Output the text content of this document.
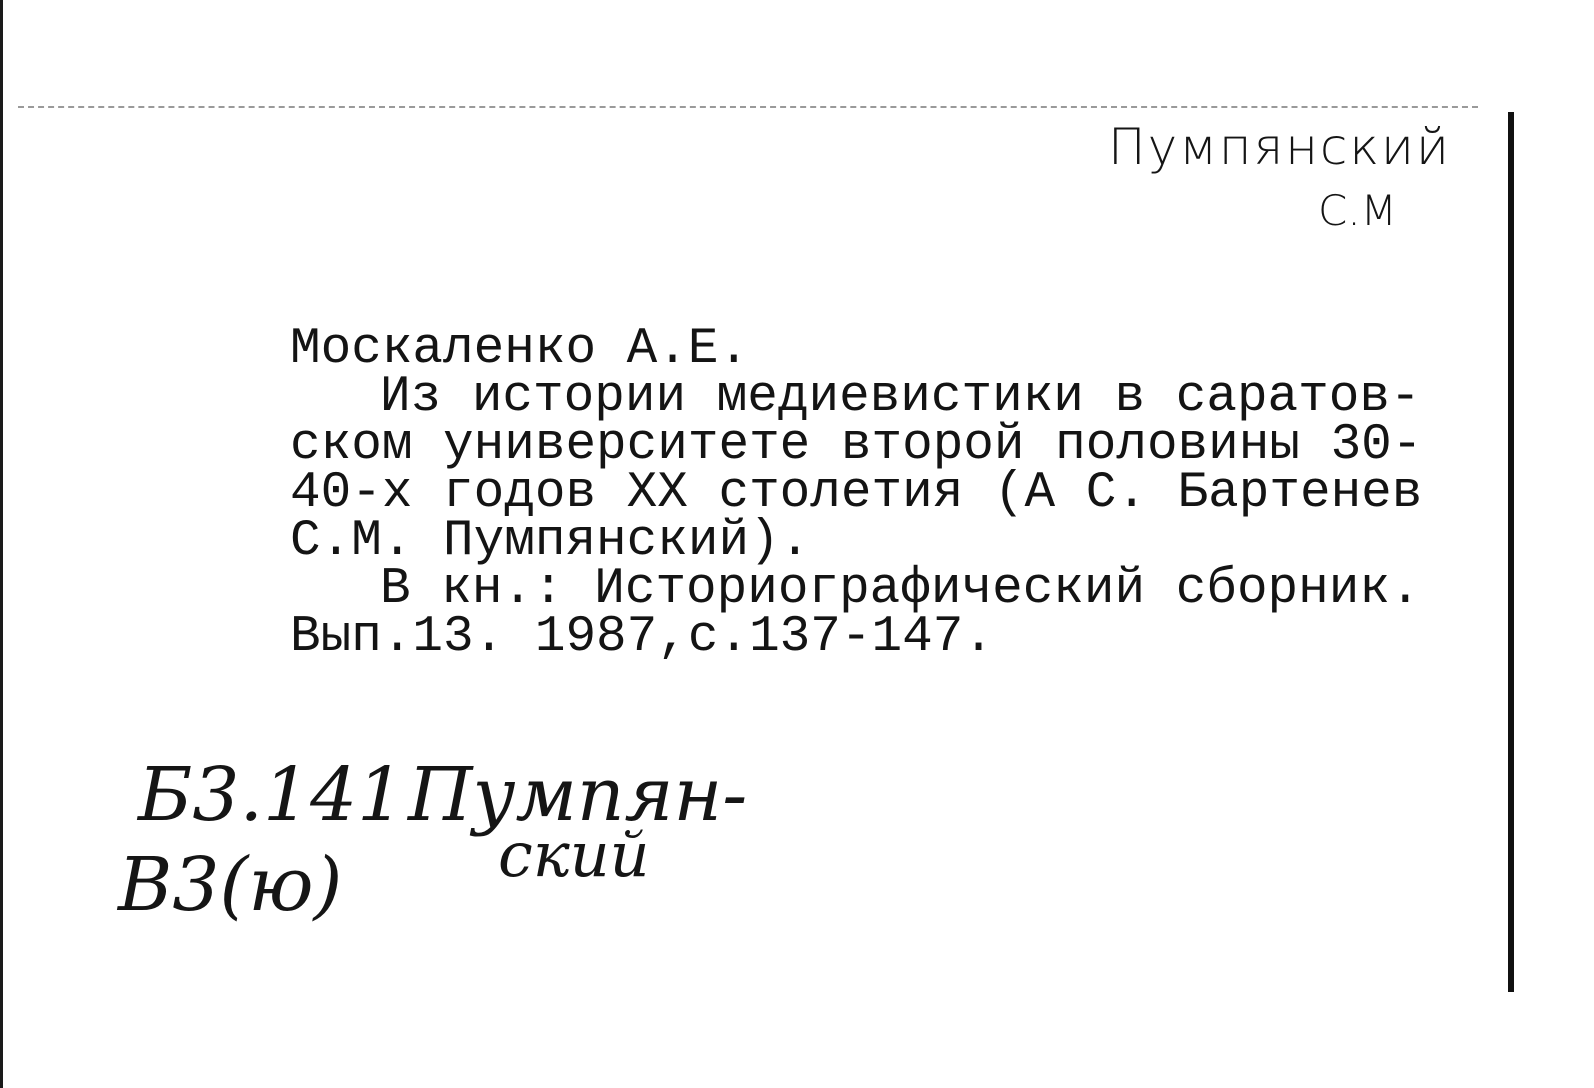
Пумпянский
С.М
Москаленко А.Е.
Из истории медиевистики в саратов-
ском университете второй половины 30-
40-х годов XX столетия (А С. Бартенев
С.М. Пумпянский).
В кн.: Историографический сборник.
Вып.13. 1987,с.137-147.
Б3.141 Пумпян-
ский
В3(ю)
